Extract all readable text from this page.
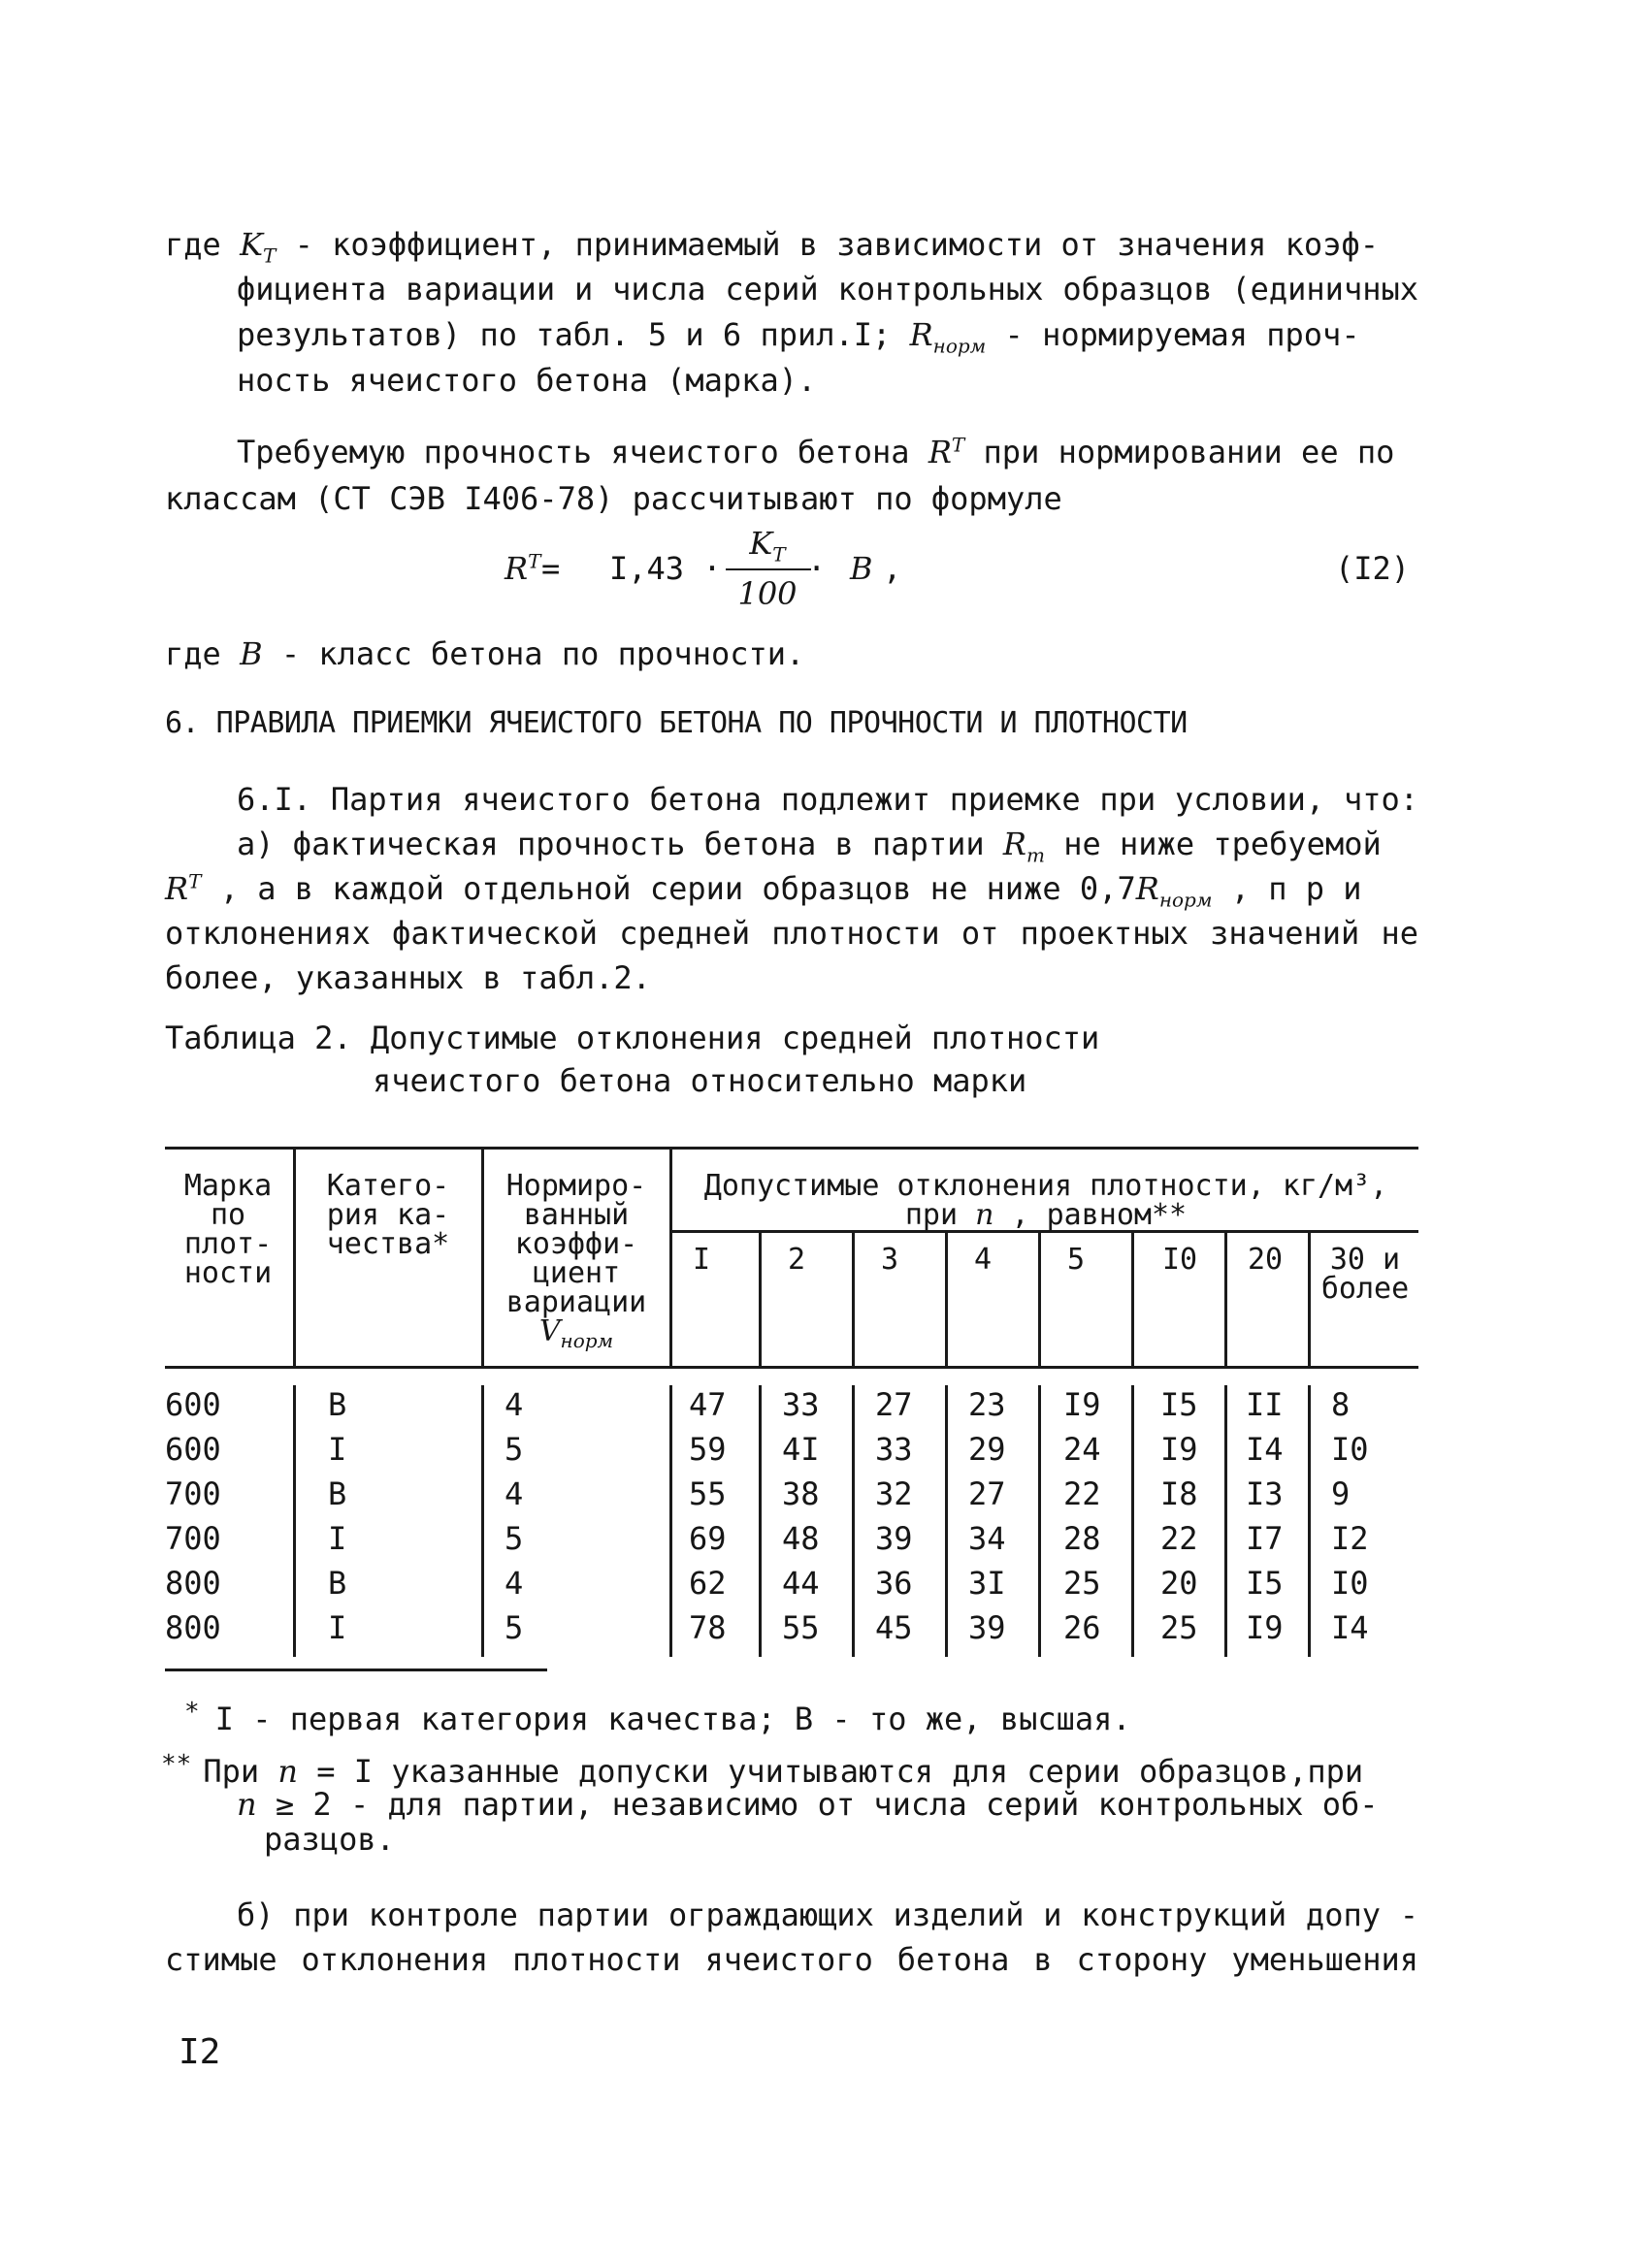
где $K_T$ - коэффициент, принимаемый в зависимости от значения коэф-
фициента вариации и числа серий контрольных образцов (единичных
результатов) по табл. 5 и 6 прил.I; $R_{норм}$ - нормируемая проч-
ность ячеистого бетона (марка).
Требуемую прочность ячеистого бетона $R^T$ при нормировании ее по
классам (СТ СЭВ I406-78) рассчитывают по формуле
$R^T = I,43$ ·
$K_T$
100
· B ,	(I2)
где B - класс бетона по прочности.
6. ПРАВИЛА ПРИЕМКИ ЯЧЕИСТОГО БЕТОНА ПО ПРОЧНОСТИ И ПЛОТНОСТИ
6.I. Партия ячеистого бетона подлежит приемке при условии, что:
а) фактическая прочность бетона в партии $R_m$ не ниже требуемой
$R^T$ , а в каждой отдельной серии образцов не ниже $0,7R_{норм}$ , п р и
отклонениях фактической средней плотности от проектных значений не
более, указанных в табл.2.
Таблица 2. Допустимые отклонения средней плотности
ячеистого бетона относительно марки
Марка
по
плот-
ности
Катего-
рия ка-
чества*
Нормиро-
ванный
коэффи-
циент
вариации
$V_{норм}$
Допустимые отклонения плотности, кг/м³,
при n , равном**
I	2	3	4	5	I0 20	30 и
более
600	В	4	47 33 27 23 I9 I5 II 8
600	I	5	59 4I 33 29 24 I9 I4 I0
700	В	4	55 38 32 27 22 I8 I3 9
700	I	5	69 48 39 34 28 22 I7 I2
800	В	4	62 44 36 3I 25 20 I5 I0
800	I	5	78 55 45 39 26 25 I9 I4
* I - первая категория качества; В - то же, высшая.
** При n = I указанные допуски учитываются для серии образцов,при
n ≥ 2 - для партии, независимо от числа серий контрольных об-
разцов.
б) при контроле партии ограждающих изделий и конструкций допу -
стимые отклонения плотности ячеистого бетона в сторону уменьшения
I2
